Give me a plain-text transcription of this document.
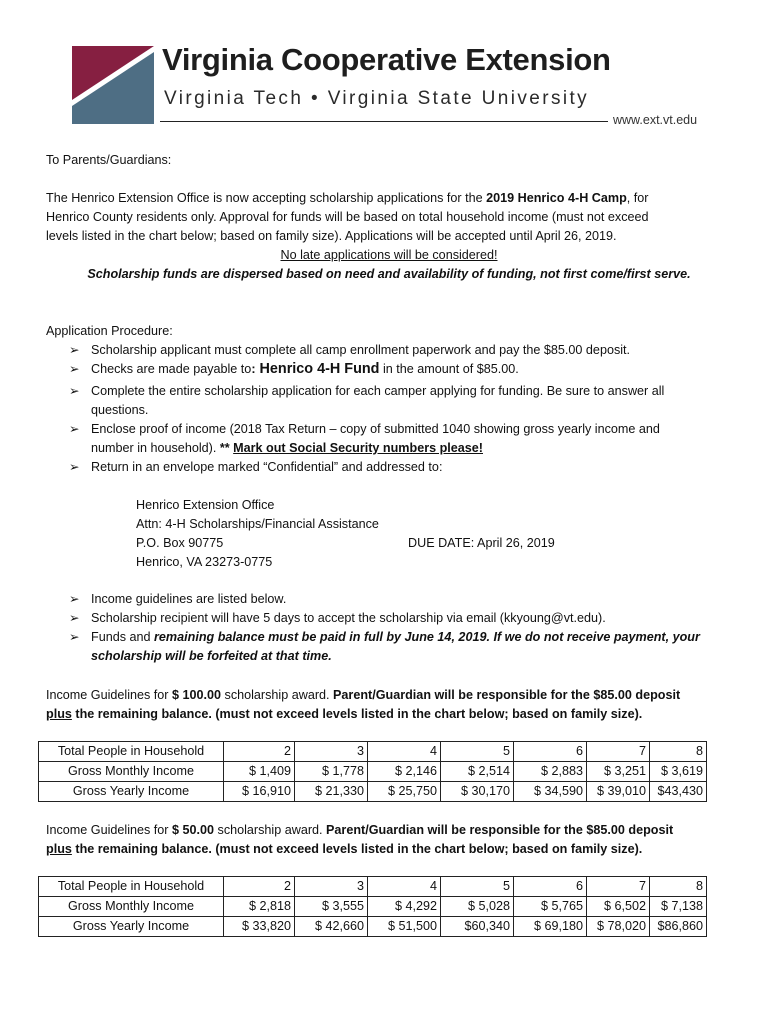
Virginia Cooperative Extension
Virginia Tech • Virginia State University
www.ext.vt.edu
To Parents/Guardians:
The Henrico Extension Office is now accepting scholarship applications for the 2019 Henrico 4-H Camp, for
Henrico County residents only. Approval for funds will be based on total household income (must not exceed
levels listed in the chart below; based on family size). Applications will be accepted until April 26, 2019.
No late applications will be considered!
Scholarship funds are dispersed based on need and availability of funding, not first come/first serve.
Application Procedure:
➢ Scholarship applicant must complete all camp enrollment paperwork and pay the $85.00 deposit.
➢ Checks are made payable to: Henrico 4-H Fund in the amount of $85.00.
➢ Complete the entire scholarship application for each camper applying for funding. Be sure to answer all
questions.
➢ Enclose proof of income (2018 Tax Return – copy of submitted 1040 showing gross yearly income and
number in household). ** Mark out Social Security numbers please!
➢ Return in an envelope marked “Confidential” and addressed to:
Henrico Extension Office
Attn: 4-H Scholarships/Financial Assistance
P.O. Box 90775	DUE DATE: April 26, 2019
Henrico, VA 23273-0775
➢ Income guidelines are listed below.
➢ Scholarship recipient will have 5 days to accept the scholarship via email (kkyoung@vt.edu).
➢ Funds and remaining balance must be paid in full by June 14, 2019. If we do not receive payment, your
scholarship will be forfeited at that time.
Income Guidelines for $ 100.00 scholarship award. Parent/Guardian will be responsible for the $85.00 deposit
plus the remaining balance. (must not exceed levels listed in the chart below; based on family size).
Total People in Household	2	3	4	5	6	7	8
Gross Monthly Income	$ 1,409	$ 1,778	$ 2,146	$ 2,514	$ 2,883	$ 3,251	$ 3,619
Gross Yearly Income	$ 16,910	$ 21,330	$ 25,750	$ 30,170	$ 34,590	$ 39,010	$43,430
Income Guidelines for $ 50.00 scholarship award. Parent/Guardian will be responsible for the $85.00 deposit
plus the remaining balance. (must not exceed levels listed in the chart below; based on family size).
Total People in Household	2	3	4	5	6	7	8
Gross Monthly Income	$ 2,818	$ 3,555	$ 4,292	$ 5,028	$ 5,765	$ 6,502	$ 7,138
Gross Yearly Income	$ 33,820	$ 42,660	$ 51,500	$60,340	$ 69,180	$ 78,020	$86,860
